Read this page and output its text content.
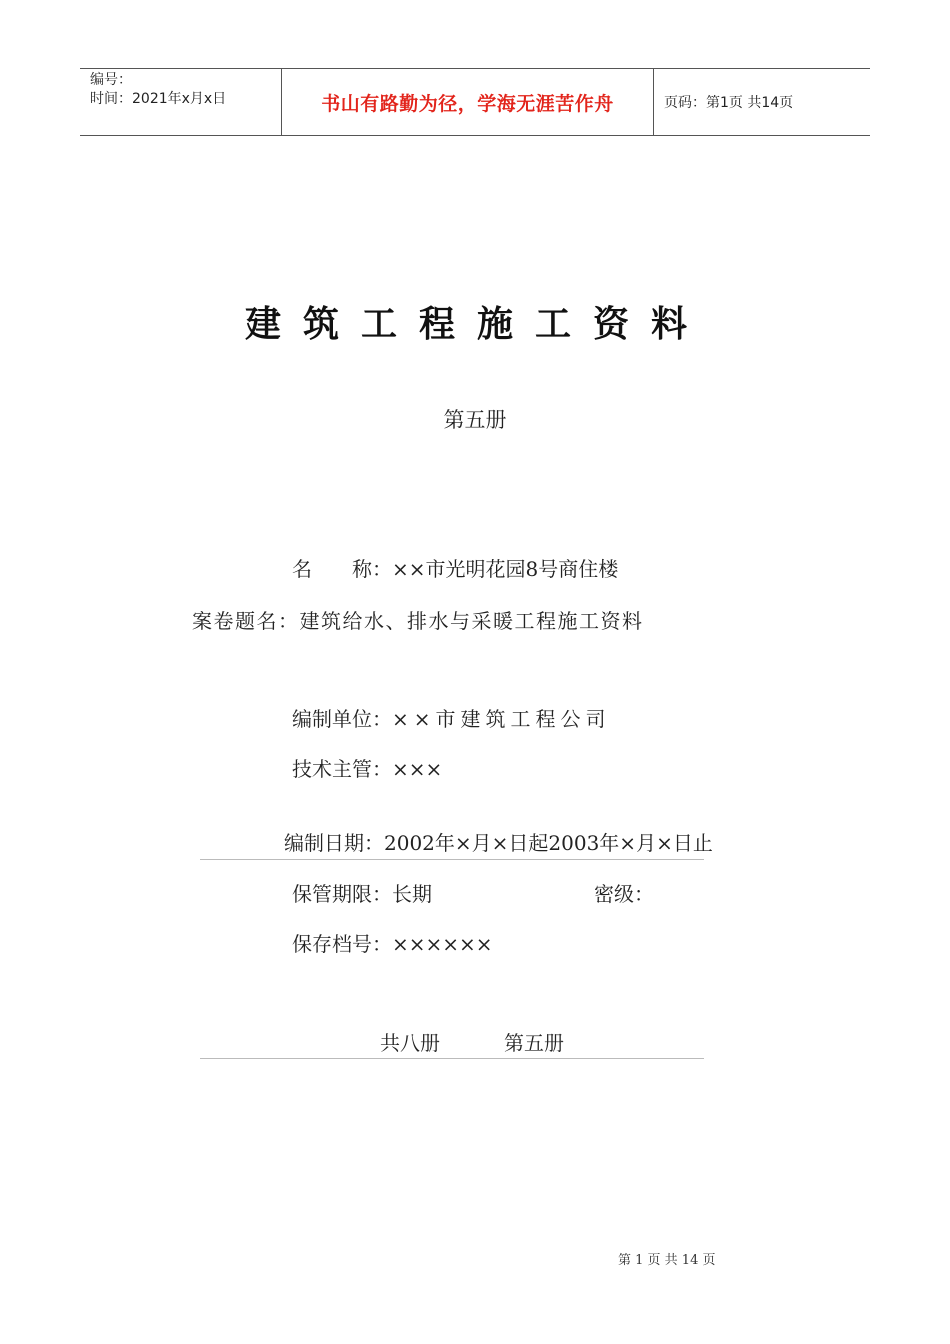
编号：
时间：2021年x月x日	书山有路勤为径，学海无涯苦作舟	页码：第1页 共14页
建筑工程施工资料
第五册
名　　称：××市光明花园8号商住楼
案卷题名：建筑给水、排水与采暖工程施工资料
编制单位：××市建筑工程公司
技术主管：×××
编制日期：2002年×月×日起2003年×月×日止
保管期限：长期	密级：
保存档号：××××××
共八册	第五册
第 1 页 共 14 页
